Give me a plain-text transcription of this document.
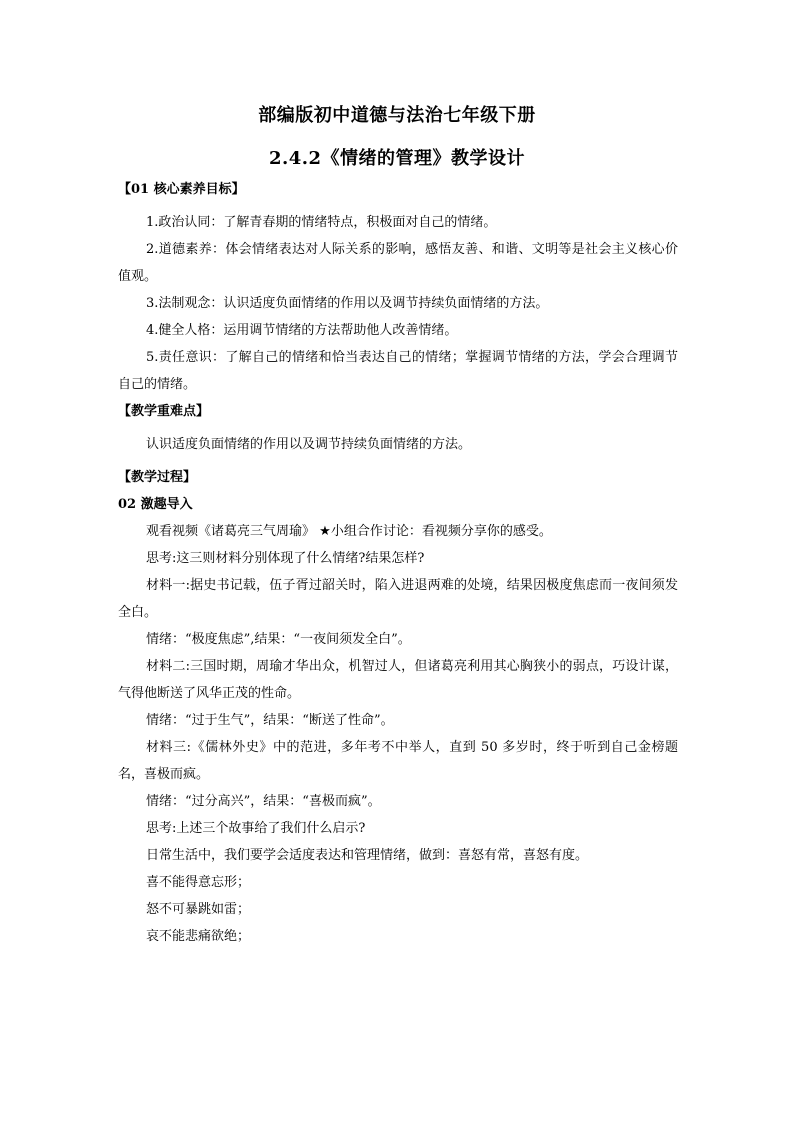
部编版初中道德与法治七年级下册
2.4.2《情绪的管理》教学设计

【01 核心素养目标】

1.政治认同：了解青春期的情绪特点，积极面对自己的情绪。

2.道德素养：体会情绪表达对人际关系的影响，感悟友善、和谐、文明等是社会主义核心价值观。

3.法制观念：认识适度负面情绪的作用以及调节持续负面情绪的方法。

4.健全人格：运用调节情绪的方法帮助他人改善情绪。

5.责任意识：了解自己的情绪和恰当表达自己的情绪；掌握调节情绪的方法，学会合理调节自己的情绪。

【教学重难点】

认识适度负面情绪的作用以及调节持续负面情绪的方法。

【教学过程】

02 激趣导入

观看视频《诸葛亮三气周瑜》 ★小组合作讨论：看视频分享你的感受。

思考:这三则材料分别体现了什么情绪?结果怎样?

材料一:据史书记载，伍子胥过韶关时，陷入进退两难的处境，结果因极度焦虑而一夜间须发全白。

情绪：“极度焦虑”,结果：“一夜间须发全白”。

材料二:三国时期，周瑜才华出众，机智过人，但诸葛亮利用其心胸狭小的弱点，巧设计谋，气得他断送了风华正茂的性命。

情绪：“过于生气”，结果：“断送了性命”。

材料三:《儒林外史》中的范进，多年考不中举人，直到 50 多岁时，终于听到自己金榜题名，喜极而疯。

情绪：“过分高兴”，结果：“喜极而疯”。

思考:上述三个故事给了我们什么启示?

日常生活中，我们要学会适度表达和管理情绪，做到：喜怒有常，喜怒有度。

喜不能得意忘形；

怒不可暴跳如雷；

哀不能悲痛欲绝；
